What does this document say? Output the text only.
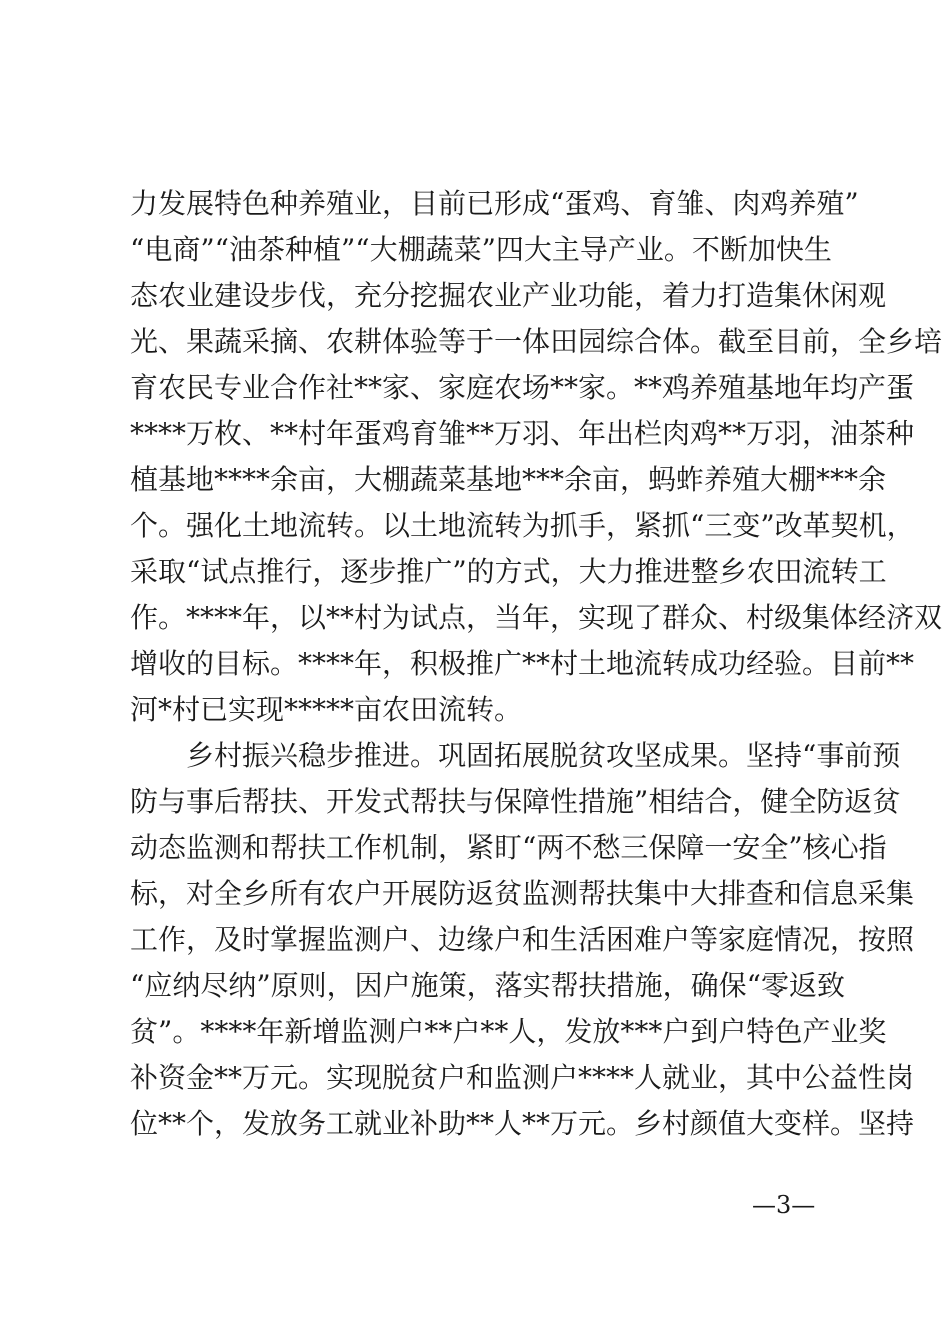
力发展特色种养殖业，目前已形成“蛋鸡、育雏、肉鸡养殖”
“电商”“油茶种植”“大棚蔬菜”四大主导产业。不断加快生
态农业建设步伐，充分挖掘农业产业功能，着力打造集休闲观
光、果蔬采摘、农耕体验等于一体田园综合体。截至目前，全乡培
育农民专业合作社**家、家庭农场**家。**鸡养殖基地年均产蛋
****万枚、**村年蛋鸡育雏**万羽、年出栏肉鸡**万羽，油茶种
植基地****余亩，大棚蔬菜基地***余亩，蚂蚱养殖大棚***余
个。强化土地流转。以土地流转为抓手，紧抓“三变”改革契机，
采取“试点推行，逐步推广”的方式，大力推进整乡农田流转工
作。****年，以**村为试点，当年，实现了群众、村级集体经济双
增收的目标。****年，积极推广**村土地流转成功经验。目前**
河*村已实现*****亩农田流转。
乡村振兴稳步推进。巩固拓展脱贫攻坚成果。坚持“事前预
防与事后帮扶、开发式帮扶与保障性措施”相结合，健全防返贫
动态监测和帮扶工作机制，紧盯“两不愁三保障一安全”核心指
标，对全乡所有农户开展防返贫监测帮扶集中大排查和信息采集
工作，及时掌握监测户、边缘户和生活困难户等家庭情况，按照
“应纳尽纳”原则，因户施策，落实帮扶措施，确保“零返致
贫”。****年新增监测户**户**人，发放***户到户特色产业奖
补资金**万元。实现脱贫户和监测户****人就业，其中公益性岗
位**个，发放务工就业补助**人**万元。乡村颜值大变样。坚持
—3—
